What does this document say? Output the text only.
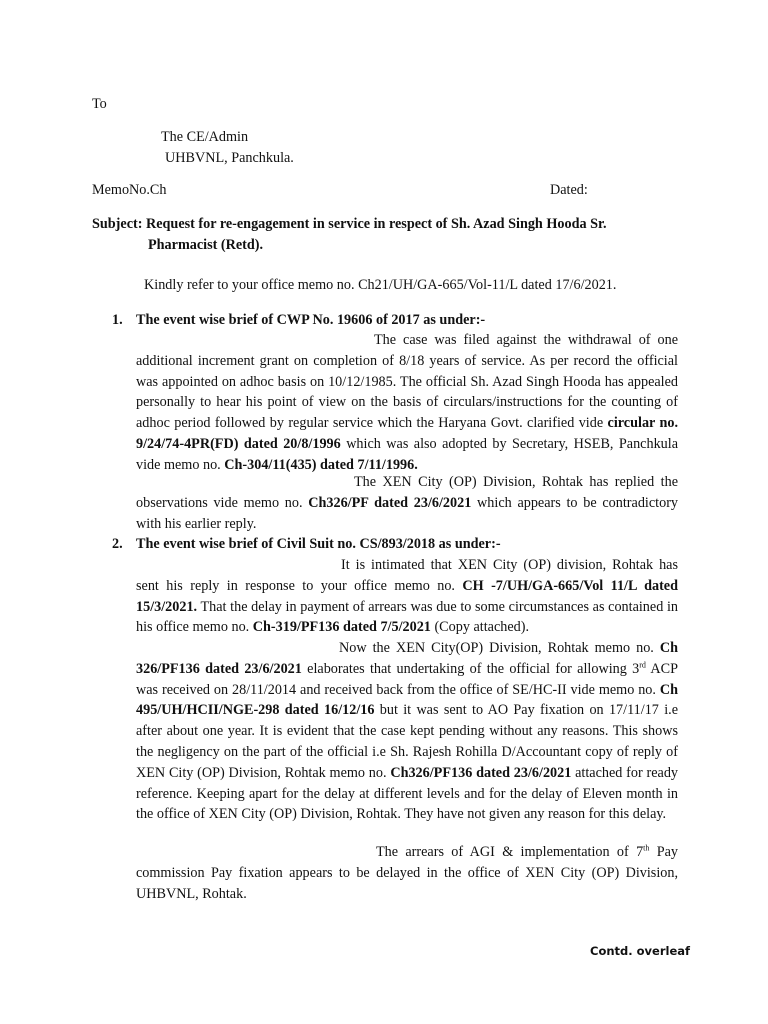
To
The CE/Admin
UHBVNL, Panchkula.
MemoNo.Ch	Dated:
Subject: Request for re-engagement in service in respect of Sh. Azad Singh Hooda Sr.
Pharmacist (Retd).
Kindly refer to your office memo no. Ch21/UH/GA-665/Vol-11/L dated 17/6/2021.
1. The event wise brief of CWP No. 19606 of 2017 as under:-
The case was filed against the withdrawal of one additional increment grant on completion of 8/18 years of service. As per record the official was appointed on adhoc basis on 10/12/1985. The official Sh. Azad Singh Hooda has appealed personally to hear his point of view on the basis of circulars/instructions for the counting of adhoc period followed by regular service which the Haryana Govt. clarified vide circular no. 9/24/74-4PR(FD) dated 20/8/1996 which was also adopted by Secretary, HSEB, Panchkula vide memo no. Ch-304/11(435) dated 7/11/1996.
The XEN City (OP) Division, Rohtak has replied the observations vide memo no. Ch326/PF dated 23/6/2021 which appears to be contradictory with his earlier reply.
2. The event wise brief of Civil Suit no. CS/893/2018 as under:-
It is intimated that XEN City (OP) division, Rohtak has sent his reply in response to your office memo no. CH -7/UH/GA-665/Vol 11/L dated 15/3/2021. That the delay in payment of arrears was due to some circumstances as contained in his office memo no. Ch-319/PF136 dated 7/5/2021 (Copy attached).
Now the XEN City(OP) Division, Rohtak memo no. Ch 326/PF136 dated 23/6/2021 elaborates that undertaking of the official for allowing 3rd ACP was received on 28/11/2014 and received back from the office of SE/HC-II vide memo no. Ch 495/UH/HCII/NGE-298 dated 16/12/16 but it was sent to AO Pay fixation on 17/11/17 i.e after about one year. It is evident that the case kept pending without any reasons. This shows the negligency on the part of the official i.e Sh. Rajesh Rohilla D/Accountant copy of reply of XEN City (OP) Division, Rohtak memo no. Ch326/PF136 dated 23/6/2021 attached for ready reference. Keeping apart for the delay at different levels and for the delay of Eleven month in the office of XEN City (OP) Division, Rohtak. They have not given any reason for this delay.
The arrears of AGI & implementation of 7th Pay commission Pay fixation appears to be delayed in the office of XEN City (OP) Division, UHBVNL, Rohtak.
Contd. overleaf
